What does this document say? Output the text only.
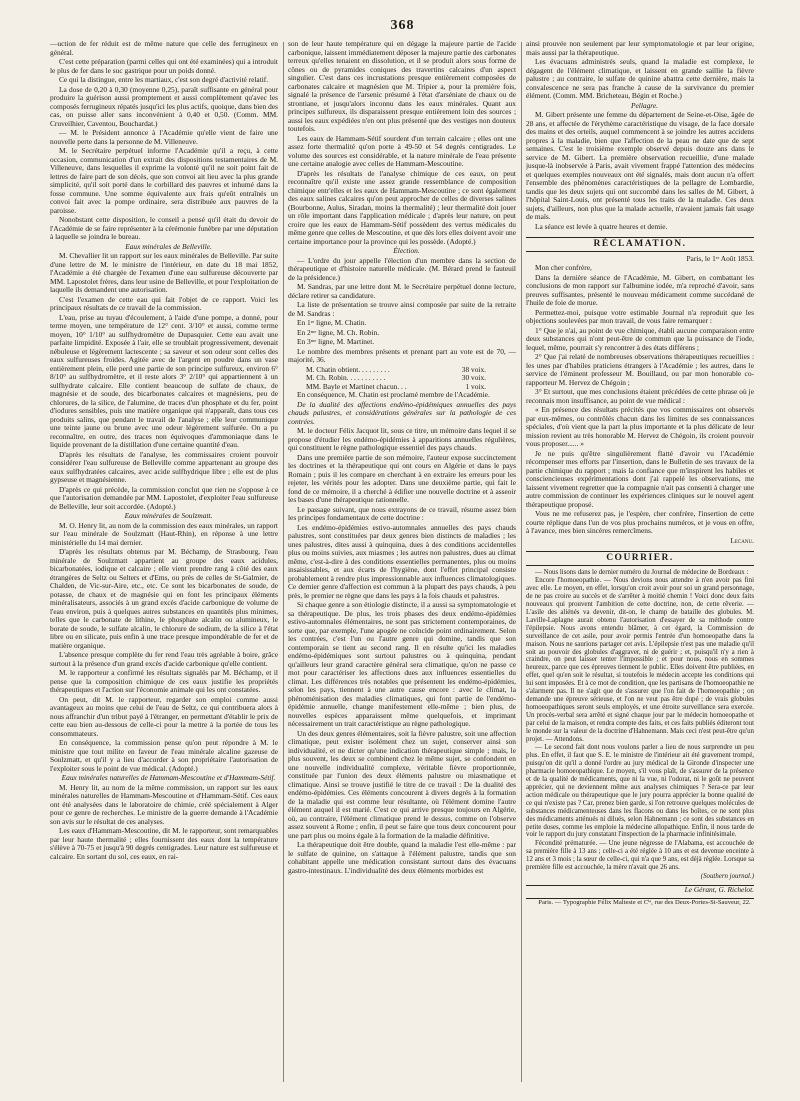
368

—uction de fer réduit est de même nature que celle des ferrugineux en général.

C'est cette préparation (parmi celles qui ont été examinées) qui a introduit le plus de fer dans le suc gastrique pour un poids donné.

Ce qui la distingue, entre les martiaux, c'est son degré d'activité relatif.

La dose de 0,20 à 0,30 (moyenne 0,25), paraît suffisante en général pour produire la guérison aussi promptement et aussi complètement qu'avec les composés ferrugineux répatés jusqu'ici les plus actifs, quoique, dans bien des cas, on puisse aller sans inconvénient à 0,40 et 0,50. (Comm. MM. Cruveilhier, Caventou, Bouchardat.)

— M. le Président annonce à l'Académie qu'elle vient de faire une nouvelle perte dans la personne de M. Villeneuve.

M. le Secrétaire perpétuel informe l'Académie qu'il a reçu, à cette occasion, communication d'un extrait des dispositions testamentaires de M. Villeneuve, dans lesquelles il exprime la volonté qu'il ne soit point fait de lettres de faire part de son décès, que son convoi ait lieu avec la plus grande simplicité, qu'il soit porté dans le corbillard des pauvres et inhumé dans la fosse commune. Une somme équivalente aux frais qu'eût entraînés un convoi fait avec la pompe ordinaire, sera distribuée aux pauvres de la paroisse.

Nonobstant cette disposition, le conseil a pensé qu'il était du devoir de l'Académie de se faire représenter à la cérémonie funèbre par une députation à laquelle se joindra le bureau.

Eaux minérales de Belleville.

M. Chevallier lit un rapport sur les eaux minérales de Belleville. Par suite d'une lettre de M. le ministre de l'intérieur, en date du 18 mai 1852, l'Académie a été chargée de l'examen d'une eau sulfureuse découverte par MM. Lapostolet frères, dans leur usine de Belleville, et pour l'exploitation de laquelle ils demandent une autorisation.

C'est l'examen de cette eau qui fait l'objet de ce rapport. Voici les principaux résultats de ce travail de la commission.

L'eau, prise au tuyau d'écoulement, à l'aide d'une pompe, a donné, pour terme moyen, une température de 12° cent. 3/10° et aussi, comme terme moyen, 10° 1/10° au sulfhydromètre de Dupasquier. Cette eau avait une parfaite limpidité. Exposée à l'air, elle se troublait progressivement, devenait nébuleuse et légèrement lactescente ; sa saveur et son odeur sont celles des eaux sulfureuses froides. Agitée avec de l'argent en poudre dans un vase entièrement plein, elle perd une partie de son principe sulfureux, environ 6° 8/10° au sulfhydromètre, et il reste alors 3° 2/10° qui appartiennent à un sulfhydrate calcaire. Elle contient beaucoup de sulfate de chaux, de magnésie et de soude, des bicarbonates calcaires et magnésiens, peu de chlorures, de la silice, de l'alumine, de traces d'un phosphate et du fer, point d'iodures sensibles, puis une matière organique qui n'apparaît, dans tous ces produits salins, que pendant le travail de l'analyse ; elle leur communique une teinte jaune ou brune avec une odeur légèrement sulfurée. On a pu reconnaître, en outre, des traces non équivoques d'ammoniaque dans le liquide provenant de la distillation d'une certaine quantité d'eau.

D'après les résultats de l'analyse, les commissaires croient pouvoir considérer l'eau sulfureuse de Belleville comme appartenant au groupe des eaux sulfhydratées calcaires, avec acide sulfhydrique libre ; elle est de plus gypseuse et magnésienne.

D'après ce qui précède, la commission conclut que rien ne s'oppose à ce que l'autorisation demandée par MM. Lapostolet, d'exploiter l'eau sulfureuse de Belleville, leur soit accordée. (Adopté.)

Eaux minérales de Soulzmatt.

M. O. Henry lit, au nom de la commission des eaux minérales, un rapport sur l'eau minérale de Soulzmatt (Haut-Rhin), en réponse à une lettre ministérielle du 14 mai dernier.

D'après les résultats obtenus par M. Béchamp, de Strasbourg, l'eau minérale de Soulzmatt appartient au groupe des eaux acidules, bicarbonatées, iodique et calcaire ; elle vient prendre rang à côté des eaux étrangères de Seltz ou Selters et d'Ems, ou près de celles de St-Galmier, de Chalden, de Vic-sur-Aire, etc., etc. Ce sont les bicarbonates de soude, de potasse, de chaux et de magnésie qui en font les principaux éléments minéralisateurs, associés à un grand excès d'acide carbonique de volume de l'eau environ, puis à quelques autres substances en quantités plus minimes, telles que le carbonate de lithine, le phosphate alcalin ou alumineux, le borate de soude, le sulfate alcalin, le chlorure de sodium, de la silice à l'état libre ou en silicate, puis enfin à une trace presque impondérable de fer et de matière organique.

L'absence presque complète du fer rend l'eau très agréable à boire, grâce surtout à la présence d'un grand excès d'acide carbonique qu'elle contient.

M. le rapporteur a confirmé les résultats signalés par M. Béchamp, et il pense que la composition chimique de ces eaux justifie les propriétés thérapeutiques et l'action sur l'économie animale qui les ont constatées.

On peut, dit M. le rapporteur, regarder son emploi comme aussi avantageux au moins que celui de l'eau de Seltz, ce qui contribuera alors à nous affranchir d'un tribut payé à l'étranger, en permettant d'établir le prix de cette eau bien au-dessous de celle-ci pour la mettre à la portée de tous les consommateurs.

En conséquence, la commission pense qu'on peut répondre à M. le ministre que tout milite en faveur de l'eau minérale alcaline gazeuse de Soulzmatt, et qu'il y a lieu d'accorder à son propriétaire l'autorisation de l'exploiter sous le point de vue médical. (Adopté.)

Eaux minérales naturelles de Hammam-Mescoutine et d'Hammam-Sétif.

M. Henry lit, au nom de la même commission, un rapport sur les eaux minérales naturelles de Hammam-Mescoutine et d'Hammam-Sétif. Ces eaux ont été analysées dans le laboratoire de chimie, créé spécialement à Alger pour ce genre de recherches. Le ministre de la guerre demande à l'Académie son avis sur le résultat de ces analyses.

Les eaux d'Hammam-Mescoutine, dit M. le rapporteur, sont remarquables par leur haute thermalité ; elles fournissent des eaux dont la température s'élève à 70-75 et jusqu'à 90 degrés centigrades. Leur nature est sulfureuse et calcaire. En sortant du sol, ces eaux, en rai-

son de leur haute température qui en dégage la majeure partie de l'acide carbonique, laissent immédiatement déposer la majeure partie des carbonates terreux qu'elles tenaient en dissolution, et il se produit alors sous forme de cônes ou de pyramides coniques des travertins calcaires d'un aspect singulier. C'est dans ces incrustations presque entièrement composées de carbonates calcaire et magnésien que M. Tripier a, pour la première fois, signalé la présence de l'arsenic présumé à l'état d'arséniate de chaux ou de strontiane, et jusqu'alors inconnu dans les eaux minérales. Quant aux principes sulfureux, ils disparaissent presque entièrement loin des sources ; aussi les eaux expédiées n'en ont plus présenté que des vestiges non douteux toutefois.

Les eaux de Hammam-Sétif sourdent d'un terrain calcaire ; elles ont une assez forte thermalité qu'on porte à 49-50 et 54 degrés centigrades. Le volume des sources est considérable, et la nature minérale de l'eau présente une certaine analogie avec celles de Hammam-Mescoutine.

D'après les résultats de l'analyse chimique de ces eaux, on peut reconnaître qu'il existe une assez grande ressemblance de composition chimique entr'elles et les eaux de Hammam-Mescoutine ; ce sont également des eaux salines calcaires qu'on peut approcher de celles de diverses salines (Bourbonne, Aulus, Siradan, moins la thermalité) ; leur thermalité doit jouer un rôle important dans l'application médicale ; d'après leur nature, on peut croire que les eaux de Hammam-Sétif possèdent des vertus médicales du même genre que celles de Mescoutine, et que dès lors elles doivent avoir une certaine importance pour la province qui les possède. (Adopté.)

Élection.

— L'ordre du jour appelle l'élection d'un membre dans la section de thérapeutique et d'histoire naturelle médicale. (M. Bérard prend le fauteuil de la présidence.)

M. Sandras, par une lettre dont M. le Secrétaire perpétuel donne lecture, déclare retirer sa candidature.

La liste de présentation se trouve ainsi composée par suite de la retraite de M. Sandras :

En 1ʳᵉ ligne, M. Chatin.

En 2ᵐᵉ ligne, M. Ch. Robin.

En 3ᵐᵉ ligne, M. Martinet.

Le nombre des membres présents et prenant part au vote est de 70, — majorité, 36.

M. Chatin obtient. . . . . . . . .	38 voix.
M. Ch. Robin. . . . . . . . . . .	30 voix.
MM. Bayle et Martinet chacun. . .	1 voix.

En conséquence, M. Chatin est proclamé membre de l'Académie.

De la dualité des affections endémo-épidémiques annuelles des pays chauds palustres, et considérations générales sur la pathologie de ces contrées.

M. le docteur Félix Jacquot lit, sous ce titre, un mémoire dans lequel il se propose d'étudier les endémo-épidémies à apparitions annuelles régulières, qui constituent le règne pathologique essentiel des pays chauds.

Dans une première partie de son mémoire, l'auteur expose succinctement les doctrines et la thérapeutique qui ont cours en Algérie et dans le pays Romain ; puis il les compare en cherchant à en extraire les erreurs pour les rejeter, les vérités pour les adopter. Dans une deuxième partie, qui fait le fond de ce mémoire, il a cherché à édifier une nouvelle doctrine et à asseoir les bases d'une thérapeutique rationnelle.

Le passage suivant, que nous extrayons de ce travail, résume assez bien les principes fondamentaux de cette doctrine :

Les endémo-épidémies estivo-automnales annuelles des pays chauds palustres, sont constituées par deux genres bien distincts de maladies ; les unes palustres, dites aussi à quinquina, dues à des conditions accidentelles plus ou moins suivies, aux miasmes ; les autres non palustres, dues au climat même, c'est-à-dire à des conditions essentielles permanentes, plus ou moins insaisissables, et aux écarts de l'hygiène, dont l'effet principal consiste probablement à rendre plus impressionnable aux influences climatologiques. Ce dernier genre d'affection est commun à la plupart des pays chauds, à peu près, le premier ne règne que dans les pays à la fois chauds et palustres.

Si chaque genre a son étiologie distincte, il a aussi sa symptomatologie et sa thérapeutique. De plus, les trois phases des deux endémo-épidémies estivo-automnales élémentaires, ne sont pas strictement contemporaines, de sorte que, par exemple, l'une apogée ne coïncide point ordinairement. Selon les contrées, c'est l'un ou l'autre genre qui domine, tandis que son contemporain se tient au second rang. Il en résulte qu'ici les maladies endémo-épidémiques sont surtout palustres ou à quinquina, pendant qu'ailleurs leur grand caractère général sera climatique, qu'on ne passe ce mot pour caractériser les affections dues aux influences essentielles du climat. Les différences très notables que présentent les endémo-épidémies, selon les pays, tiennent à une autre cause encore : avec le climat, la phénoménisation des maladies climatiques, qui font partie de l'endémo-épidémie annuelle, change manifestement elle-même ; bien plus, de nouvelles espèces apparaissent même quelquefois, et imprimant nécessairement un trait caractéristique au règne pathologique.

Un des deux genres élémentaires, soit la fièvre palustre, soit une affection climatique, peut exister isolément chez un sujet, conserver ainsi son individualité, et ne dicter qu'une indication thérapeutique simple ; mais, le plus souvent, les deux se combinent chez le même sujet, se confondent en une nouvelle individualité complexe, véritable fièvre proportionnée, constituée par l'union des deux éléments palustre ou miasmatique et climatique. Ainsi se trouve justifié le titre de ce travail : De la dualité des endémo-épidémies. Ces éléments concourent à divers degrés à la formation de la maladie qui est comme leur résultante, où l'élément domine l'autre élément auquel il est marié. C'est ce qui arrive presque toujours en Algérie, où, au contraire, l'élément climatique prend le dessus, comme on l'observe assez souvent à Rome ; enfin, il peut se faire que tous deux concourent pour une part plus ou moins égale à la formation de la maladie définitive.

La thérapeutique doit être double, quand la maladie l'est elle-même : par le sulfate de quinine, on s'attaque à l'élément palustre, tandis que son cohabitant appelle une médication consistant surtout dans des évacuans gastro-intestinaux. L'individualité des deux éléments morbides est

ainsi prouvée non seulement par leur symptomatologie et par leur origine, mais aussi par la thérapeutique.

Les évacuans administrés seuls, quand la maladie est complexe, le dégagent de l'élément climatique, et laissent en grande saillie la fièvre palustre ; au contraire, le sulfate de quinine abattra cette dernière, mais la convalescence ne sera pas franche à cause de la survivance du premier élément. (Comm. MM. Bricheteau, Bégin et Roche.)

Pellagre.

M. Gibert présente une femme du département de Seine-et-Oise, âgée de 28 ans, et affectée de l'érythème caractéristique du visage, de la face dorsale des mains et des orteils, auquel commencent à se joindre les autres accidens propres à la maladie, bien que l'affection de la peau ne date que de sept semaines. C'est le troisième exemple observé depuis douze ans dans le service de M. Gibert. La première observation recueillie, d'une malade jusque-là inobservée à Paris, avait vivement frappé l'attention des médecins et quelques exemples nouveaux ont été signalés, mais dont aucun n'a offert l'ensemble des phénomènes caractéristiques de la pellagre de Lombardie, tandis que les deux sujets qui ont succombé dans les salles de M. Gibert, à l'hôpital Saint-Louis, ont présenté tous les traits de la maladie. Ces deux sujets, d'ailleurs, non plus que la malade actuelle, n'avaient jamais fait usage de maïs.

La séance est levée à quatre heures et demie.

RÉCLAMATION.

Paris, le 1ᵉʳ Août 1853.

Mon cher confrère,

Dans la dernière séance de l'Académie, M. Gibert, en combattant les conclusions de mon rapport sur l'albumine iodée, m'a reproché d'avoir, sans preuves suffisantes, présenté le nouveau médicament comme succédané de l'huile de foie de morue.

Permettez-moi, puisque votre estimable Journal n'a reproduit que les objections soulevées par mon travail, de vous faire remarquer :

1° Que je n'ai, au point de vue chimique, établi aucune comparaison entre deux substances qui n'ont peut-être de commun que la puissance de l'iode, lequel, même, pourrait s'y rencontrer à des états différens ;

2° Que j'ai relaté de nombreuses observations thérapeutiques recueillies : les unes par d'habiles praticiens étrangers à l'Académie ; les autres, dans le service de l'éminent professeur M. Bouillaud, ou par mon honorable co-rapporteur M. Hervez de Chégoin ;

3° Et surtout, que mes conclusions étaient précédées de cette phrase où je reconnais mon insuffisance, au point de vue médical :

« En présence des résultats précités que vos commissaires ont observés par eux-mêmes, ou contrôlés chacun dans les limites de ses connaissances spéciales, d'où vient que la part la plus importante et la plus délicate de leur mission revient au très honorable M. Hervez de Chégoin, ils croient pouvoir vous proposer...... »

Je ne puis qu'être singulièrement flatté d'avoir vu l'Académie récompenser mes efforts par l'insertion, dans le Bulletin de ses travaux de la partie chimique du rapport ; mais la confiance que m'inspirent les habiles et consciencieuses expérimentations dont j'ai rappelé les observations, me laissent vivement regretter que la compagnie n'ait pas consenti à charger une autre commission de continuer les expériences cliniques sur le nouvel agent thérapeutique proposé.

Vous ne me refuserez pas, je l'espère, cher confrère, l'insertion de cette courte réplique dans l'un de vos plus prochains numéros, et je vous en offre, à l'avance, mes bien sincères remercîmens.

Lecanu.

COURRIER.

— Nous lisons dans le dernier numéro du Journal de médecine de Bordeaux :

Encore l'homoeopathie. — Nous devions nous attendre à n'en avoir pas fini avec elle. Le moyen, en effet, lorsqu'on croit avoir pour soi un grand personnage, de ne pas croire au succès et de s'arrêter à moitié chemin ! Voici donc deux faits nouveaux qui prouvent l'ambition de cette doctrine, non, de cette rêverie. — L'asile des aliénés va devenir, dit-on, le champ de bataille des globules. M. Laville-Laplagne aurait obtenu l'autorisation d'essayer de sa méthode contre l'épilepsie. Nous avons entendu blâmer, à cet égard, la Commission de surveillance de cet asile, pour avoir permis l'entrée d'un homoeopathe dans la maison. Nous ne saurions partager cet avis. L'épilepsie n'est pas une maladie qu'il soit au pouvoir des globules d'aggraver, ni de guérir ; et, puisqu'il n'y a rien à craindre, on peut laisser tenter l'impossible ; et pour nous, nous en sommes heureux, parce que ces épreuves tiennent le public. Elles doivent être publiées, en effet, quel qu'en soit le résultat, si toutefois le médecin accepte les conditions qui lui sont imposées. Et à ce mot de condition, que les partisans de l'homoeopathie ne s'alarment pas. Il ne s'agit que de s'assurer que l'on fait de l'homoeopathie ; on demande une épreuve sérieuse, et l'on ne veut pas être dupé ; de vrais globules homoeopathiques seront seuls employés, et une étroite surveillance sera exercée. Un procès-verbal sera arrêté et signé chaque jour par le médecin homoeopathe et par celui de la maison, et rendra compte des faits, et ces faits publiés éditeront tout le monde sur la valeur de la doctrine d'Hahnemann. Mais ceci n'est peut-être qu'un projet. — Attendons.

— Le second fait dont nous voulons parler a lieu de nous surprendre un peu plus. En effet, il faut que S. E. le ministre de l'intérieur ait été gravement trompé, puisqu'on dit qu'il a donné l'ordre au jury médical de la Gironde d'inspecter une pharmacie homoeopathique. Le moyen, s'il vous plaît, de s'assurer de la présence et de la qualité de médicaments, que ni la vue, ni l'odorat, ni le goût ne peuvent apprécier, qui ne deviennent même aux analyses chimiques ? Sera-ce par leur action médicale ou thérapeutique que le jury pourra apprécier la bonne qualité de ce qui n'existe pas ? Car, prenez bien garde, si l'on retrouve quelques molécules de substances médicamenteuses dans les flacons ou dans les boîtes, ce ne sont plus des médicaments atténués ni dilués, selon Hahnemann ; ce sont des substances en petite doses, comme les emploie la médecine allopathique. Enfin, il nous tarde de voir le rapport du jury constatant l'inspection de la pharmacie infinitésimale.

Fécondité prématurée. — Une jeune négresse de l'Alabama, est accouchée de sa première fille à 13 ans ; celle-ci a été réglée à 10 ans et est devenue enceinte à 12 ans et 3 mois ; la sœur de celle-ci, qui n'a que 9 ans, est déjà réglée. Lorsque sa première fille est accouchée, la mère n'avait que 26 ans.

(Southern journal.)

Le Gérant, G. Richelot.

Paris. — Typographie Félix Malteste et Cⁱᵉ, rue des Deux-Portes-St-Sauveur, 22.
